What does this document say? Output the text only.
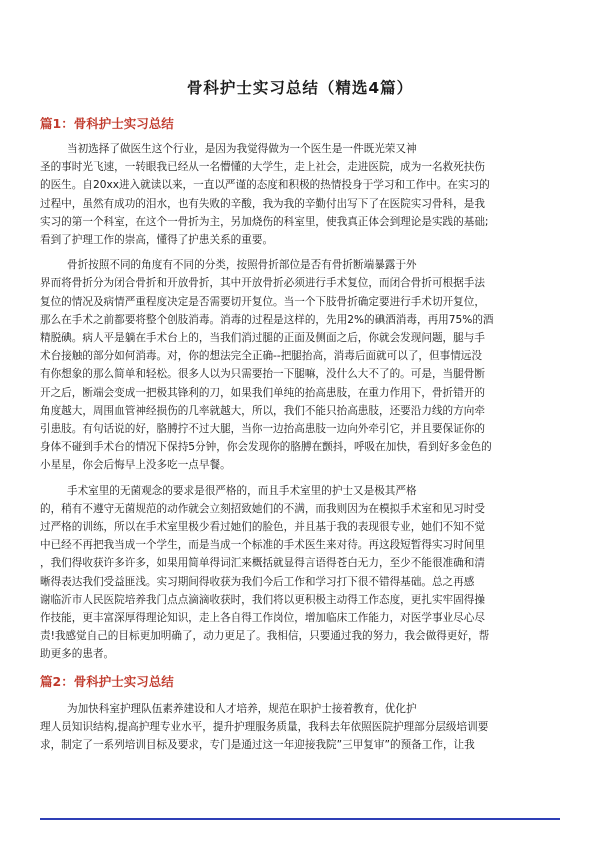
骨科护士实习总结（精选4篇）
篇1：骨科护士实习总结

当初选择了做医生这个行业，是因为我觉得做为一个医生是一件既光荣又神
圣的事时光飞速，一转眼我已经从一名懵懂的大学生，走上社会，走进医院，成为一名救死扶伤
的医生。自20xx进入就读以来，一直以严谨的态度和积极的热情投身于学习和工作中。在实习的
过程中，虽然有成功的泪水，也有失败的辛酸，我为我的辛勤付出写下了在医院实习骨科，是我
实习的第一个科室，在这个一骨折为主，另加烧伤的科室里，使我真正体会到理论是实践的基础;
看到了护理工作的崇高，懂得了护患关系的重要。

骨折按照不同的角度有不同的分类，按照骨折部位是否有骨折断端暴露于外
界而将骨折分为闭合骨折和开放骨折，其中开放骨折必须进行手术复位，而闭合骨折可根据手法
复位的情况及病情严重程度决定是否需要切开复位。当一个下肢骨折确定要进行手术切开复位，
那么在手术之前都要将整个创肢消毒。消毒的过程是这样的，先用2%的碘酒消毒，再用75%的酒
精脱碘。病人平是躺在手术台上的，当我们消过腿的正面及侧面之后，你就会发现问题，腿与手
术台接触的部分如何消毒。对，你的想法完全正确--把腿抬高，消毒后面就可以了，但事情远没
有你想象的那么简单和轻松。很多人以为只需要抬一下腿嘛，没什么大不了的。可是，当腿骨断
开之后，断端会变成一把极其锋利的刀，如果我们单纯的抬高患肢，在重力作用下，骨折错开的
角度越大，周围血管神经损伤的几率就越大，所以，我们不能只抬高患肢，还要沿力线的方向牵
引患肢。有句话说的好，胳膊拧不过大腿，当你一边抬高患肢一边向外牵引它，并且要保证你的
身体不碰到手术台的情况下保持5分钟，你会发现你的胳膊在颤抖，呼吸在加快，看到好多金色的
小星星，你会后悔早上没多吃一点早餐。

手术室里的无菌观念的要求是很严格的，而且手术室里的护士又是极其严格
的，稍有不遵守无菌规范的动作就会立刻招致她们的不满，而我则因为在模拟手术室和见习时受
过严格的训练，所以在手术室里极少看过她们的脸色，并且基于我的表现很专业，她们不知不觉
中已经不再把我当成一个学生，而是当成一个标准的手术医生来对待。再这段短暂得实习时间里
，我们得收获许多许多，如果用简单得词汇来概括就显得言语得苍白无力，至少不能很准确和清
晰得表达我们受益匪浅。实习期间得收获为我们今后工作和学习打下很不错得基础。总之再感
谢临沂市人民医院培养我门点点滴滴收获时，我们将以更积极主动得工作态度，更扎实牢固得操
作技能，更丰富深厚得理论知识，走上各自得工作岗位，增加临床工作能力，对医学事业尽心尽
责!我感觉自己的目标更加明确了，动力更足了。我相信，只要通过我的努力，我会做得更好，帮
助更多的患者。

篇2：骨科护士实习总结

为加快科室护理队伍素养建设和人才培养，规范在职护士接着教育，优化护
理人员知识结构,提高护理专业水平，提升护理服务质量，我科去年依照医院护理部分层级培训要
求，制定了一系列培训目标及要求，专门是通过这一年迎接我院”三甲复审”的预备工作，让我
